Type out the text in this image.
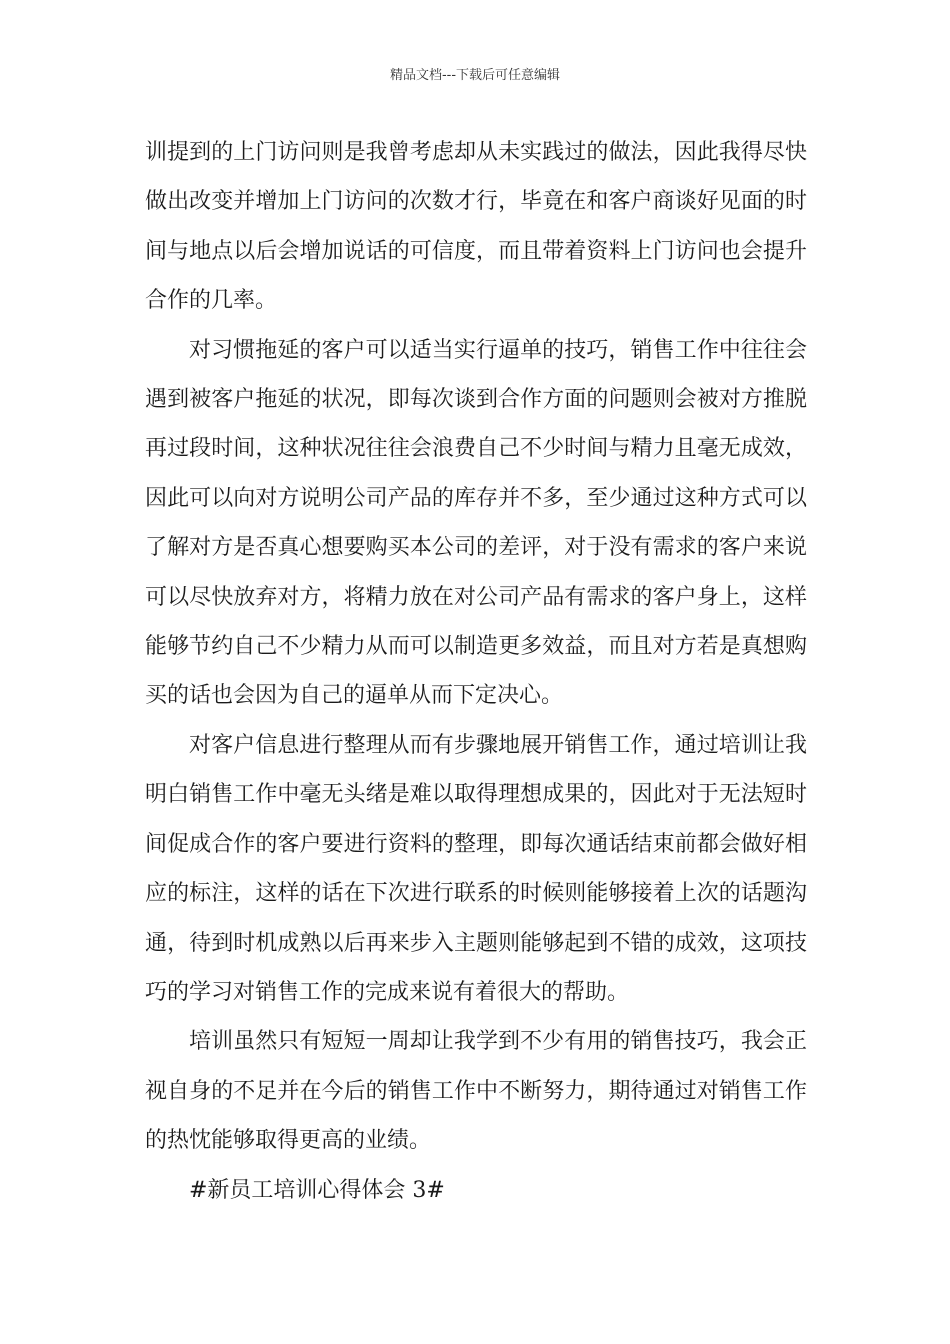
精品文档---下载后可任意编辑

训提到的上门访问则是我曾考虑却从未实践过的做法，因此我得尽快做出改变并增加上门访问的次数才行，毕竟在和客户商谈好见面的时间与地点以后会增加说话的可信度，而且带着资料上门访问也会提升合作的几率。

对习惯拖延的客户可以适当实行逼单的技巧，销售工作中往往会遇到被客户拖延的状况，即每次谈到合作方面的问题则会被对方推脱再过段时间，这种状况往往会浪费自己不少时间与精力且毫无成效，因此可以向对方说明公司产品的库存并不多，至少通过这种方式可以了解对方是否真心想要购买本公司的差评，对于没有需求的客户来说可以尽快放弃对方，将精力放在对公司产品有需求的客户身上，这样能够节约自己不少精力从而可以制造更多效益，而且对方若是真想购买的话也会因为自己的逼单从而下定决心。

对客户信息进行整理从而有步骤地展开销售工作，通过培训让我明白销售工作中毫无头绪是难以取得理想成果的，因此对于无法短时间促成合作的客户要进行资料的整理，即每次通话结束前都会做好相应的标注，这样的话在下次进行联系的时候则能够接着上次的话题沟通，待到时机成熟以后再来步入主题则能够起到不错的成效，这项技巧的学习对销售工作的完成来说有着很大的帮助。

培训虽然只有短短一周却让我学到不少有用的销售技巧，我会正视自身的不足并在今后的销售工作中不断努力，期待通过对销售工作的热忱能够取得更高的业绩。

#新员工培训心得体会 3#
